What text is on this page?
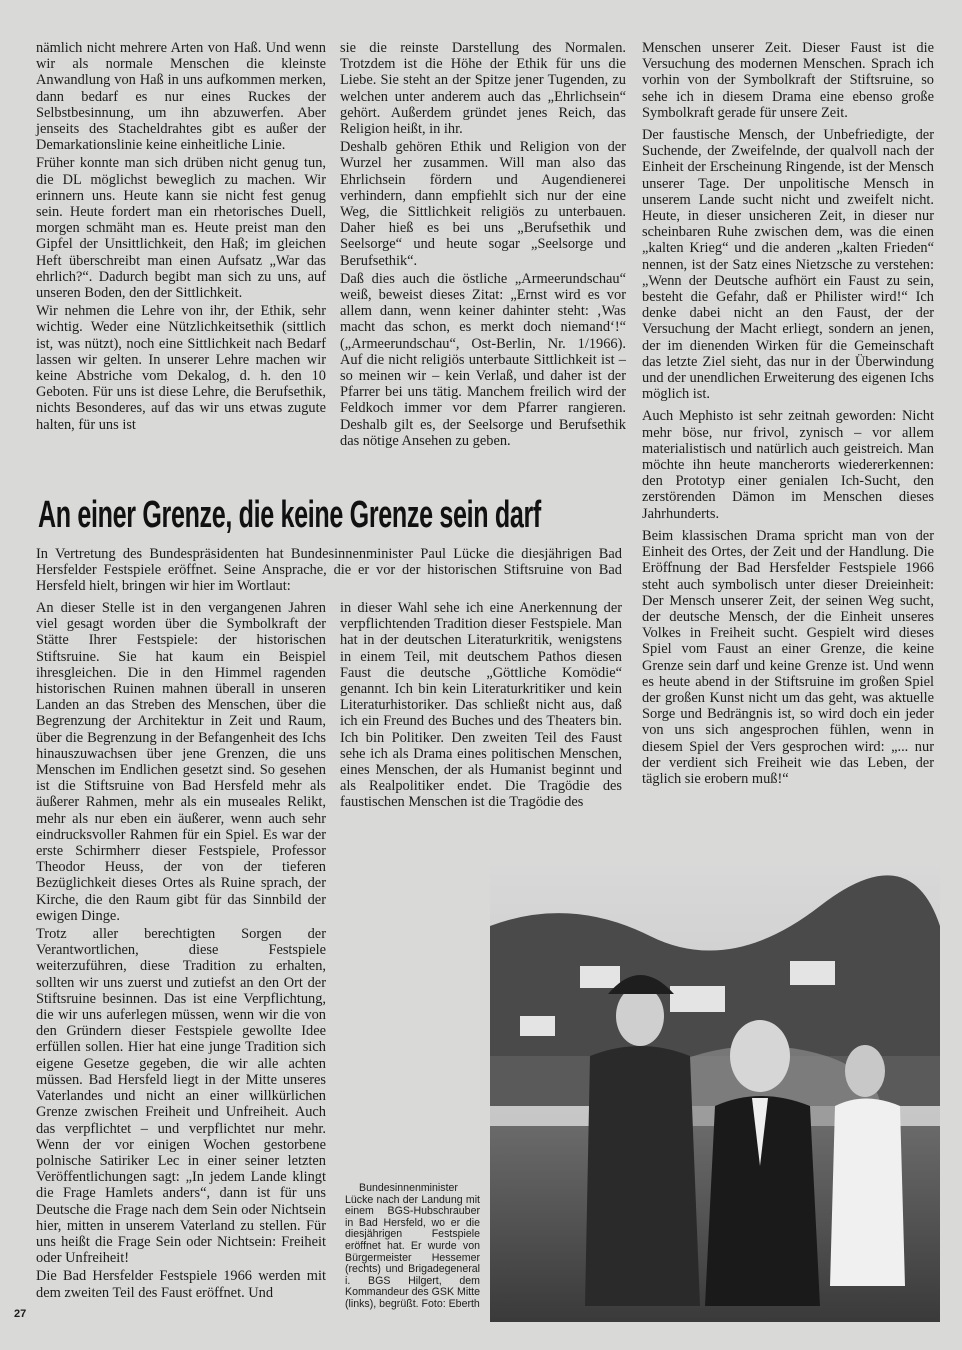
nämlich nicht mehrere Arten von Haß. Und wenn wir als normale Menschen die kleinste Anwandlung von Haß in uns aufkommen merken, dann bedarf es nur eines Ruckes der Selbstbesinnung, um ihn abzuwerfen. Aber jenseits des Stacheldrahtes gibt es außer der Demarkationslinie keine einheitliche Linie.

Früher konnte man sich drüben nicht genug tun, die DL möglichst beweglich zu machen. Wir erinnern uns. Heute kann sie nicht fest genug sein. Heute fordert man ein rhetorisches Duell, morgen schmäht man es. Heute preist man den Gipfel der Unsittlichkeit, den Haß; im gleichen Heft überschreibt man einen Aufsatz „War das ehrlich?“. Dadurch begibt man sich zu uns, auf unseren Boden, den der Sittlichkeit.

Wir nehmen die Lehre von ihr, der Ethik, sehr wichtig. Weder eine Nützlichkeitsethik (sittlich ist, was nützt), noch eine Sittlichkeit nach Bedarf lassen wir gelten. In unserer Lehre machen wir keine Abstriche vom Dekalog, d. h. den 10 Geboten. Für uns ist diese Lehre, die Berufsethik, nichts Besonderes, auf das wir uns etwas zugute halten, für uns ist

sie die reinste Darstellung des Normalen. Trotzdem ist die Höhe der Ethik für uns die Liebe. Sie steht an der Spitze jener Tugenden, zu welchen unter anderem auch das „Ehrlichsein“ gehört. Außerdem gründet jenes Reich, das Religion heißt, in ihr.

Deshalb gehören Ethik und Religion von der Wurzel her zusammen. Will man also das Ehrlichsein fördern und Augendienerei verhindern, dann empfiehlt sich nur der eine Weg, die Sittlichkeit religiös zu unterbauen. Daher hieß es bei uns „Berufsethik und Seelsorge“ und heute sogar „Seelsorge und Berufsethik“.

Daß dies auch die östliche „Armeerundschau“ weiß, beweist dieses Zitat: „Ernst wird es vor allem dann, wenn keiner dahinter steht: ‚Was macht das schon, es merkt doch niemand‘!“ („Armeerundschau“, Ost-Berlin, Nr. 1/1966). Auf die nicht religiös unterbaute Sittlichkeit ist – so meinen wir – kein Verlaß, und daher ist der Pfarrer bei uns tätig. Manchem freilich wird der Feldkoch immer vor dem Pfarrer rangieren. Deshalb gilt es, der Seelsorge und Berufsethik das nötige Ansehen zu geben.

Menschen unserer Zeit. Dieser Faust ist die Versuchung des modernen Menschen. Sprach ich vorhin von der Symbolkraft der Stiftsruine, so sehe ich in diesem Drama eine ebenso große Symbolkraft gerade für unsere Zeit.

Der faustische Mensch, der Unbefriedigte, der Suchende, der Zweifelnde, der qualvoll nach der Einheit der Erscheinung Ringende, ist der Mensch unserer Tage. Der unpolitische Mensch in unserem Lande sucht nicht und zweifelt nicht. Heute, in dieser unsicheren Zeit, in dieser nur scheinbaren Ruhe zwischen dem, was die einen „kalten Krieg“ und die anderen „kalten Frieden“ nennen, ist der Satz eines Nietzsche zu verstehen: „Wenn der Deutsche aufhört ein Faust zu sein, besteht die Gefahr, daß er Philister wird!“ Ich denke dabei nicht an den Faust, der der Versuchung der Macht erliegt, sondern an jenen, der im dienenden Wirken für die Gemeinschaft das letzte Ziel sieht, das nur in der Überwindung und der unendlichen Erweiterung des eigenen Ichs möglich ist.

Auch Mephisto ist sehr zeitnah geworden: Nicht mehr böse, nur frivol, zynisch – vor allem materialistisch und natürlich auch geistreich. Man möchte ihn heute mancherorts wiedererkennen: den Prototyp einer genialen Ich-Sucht, den zerstörenden Dämon im Menschen dieses Jahrhunderts.

Beim klassischen Drama spricht man von der Einheit des Ortes, der Zeit und der Handlung. Die Eröffnung der Bad Hersfelder Festspiele 1966 steht auch symbolisch unter dieser Dreieinheit: Der Mensch unserer Zeit, der seinen Weg sucht, der deutsche Mensch, der die Einheit unseres Volkes in Freiheit sucht. Gespielt wird dieses Spiel vom Faust an einer Grenze, die keine Grenze sein darf und keine Grenze ist. Und wenn es heute abend in der Stiftsruine im großen Spiel der großen Kunst nicht um das geht, was aktuelle Sorge und Bedrängnis ist, so wird doch ein jeder von uns sich angesprochen fühlen, wenn in diesem Spiel der Vers gesprochen wird: „... nur der verdient sich Freiheit wie das Leben, der täglich sie erobern muß!“

An einer Grenze, die keine Grenze sein darf
In Vertretung des Bundespräsidenten hat Bundesinnenminister Paul Lücke die diesjährigen Bad Hersfelder Festspiele eröffnet. Seine Ansprache, die er vor der historischen Stiftsruine von Bad Hersfeld hielt, bringen wir hier im Wortlaut:

An dieser Stelle ist in den vergangenen Jahren viel gesagt worden über die Symbolkraft der Stätte Ihrer Festspiele: der historischen Stiftsruine. Sie hat kaum ein Beispiel ihresgleichen. Die in den Himmel ragenden historischen Ruinen mahnen überall in unseren Landen an das Streben des Menschen, über die Begrenzung der Architektur in Zeit und Raum, über die Begrenzung in der Befangenheit des Ichs hinauszuwachsen über jene Grenzen, die uns Menschen im Endlichen gesetzt sind. So gesehen ist die Stiftsruine von Bad Hersfeld mehr als äußerer Rahmen, mehr als ein museales Relikt, mehr als nur eben ein äußerer, wenn auch sehr eindrucksvoller Rahmen für ein Spiel. Es war der erste Schirmherr dieser Festspiele, Professor Theodor Heuss, der von der tieferen Bezüglichkeit dieses Ortes als Ruine sprach, der Kirche, die den Raum gibt für das Sinnbild der ewigen Dinge.

Trotz aller berechtigten Sorgen der Verantwortlichen, diese Festspiele weiterzuführen, diese Tradition zu erhalten, sollten wir uns zuerst und zutiefst an den Ort der Stiftsruine besinnen. Das ist eine Verpflichtung, die wir uns auferlegen müssen, wenn wir die von den Gründern dieser Festspiele gewollte Idee erfüllen sollen. Hier hat eine junge Tradition sich eigene Gesetze gegeben, die wir alle achten müssen. Bad Hersfeld liegt in der Mitte unseres Vaterlandes und nicht an einer willkürlichen Grenze zwischen Freiheit und Unfreiheit. Auch das verpflichtet – und verpflichtet nur mehr. Wenn der vor einigen Wochen gestorbene polnische Satiriker Lec in einer seiner letzten Veröffentlichungen sagt: „In jedem Lande klingt die Frage Hamlets anders“, dann ist für uns Deutsche die Frage nach dem Sein oder Nichtsein hier, mitten in unserem Vaterland zu stellen. Für uns heißt die Frage Sein oder Nichtsein: Freiheit oder Unfreiheit!

Die Bad Hersfelder Festspiele 1966 werden mit dem zweiten Teil des Faust eröffnet. Und

in dieser Wahl sehe ich eine Anerkennung der verpflichtenden Tradition dieser Festspiele. Man hat in der deutschen Literaturkritik, wenigstens in einem Teil, mit deutschem Pathos diesen Faust die deutsche „Göttliche Komödie“ genannt. Ich bin kein Literaturkritiker und kein Literaturhistoriker. Das schließt nicht aus, daß ich ein Freund des Buches und des Theaters bin. Ich bin Politiker. Den zweiten Teil des Faust sehe ich als Drama eines politischen Menschen, eines Menschen, der als Humanist beginnt und als Realpolitiker endet. Die Tragödie des faustischen Menschen ist die Tragödie des

Bundesinnenminister Lücke nach der Landung mit einem BGS-Hubschrauber in Bad Hersfeld, wo er die diesjährigen Festspiele eröffnet hat. Er wurde von Bürgermeister Hessemer (rechts) und Brigadegeneral i. BGS Hilgert, dem Kommandeur des GSK Mitte (links), begrüßt. Foto: Eberth
27
